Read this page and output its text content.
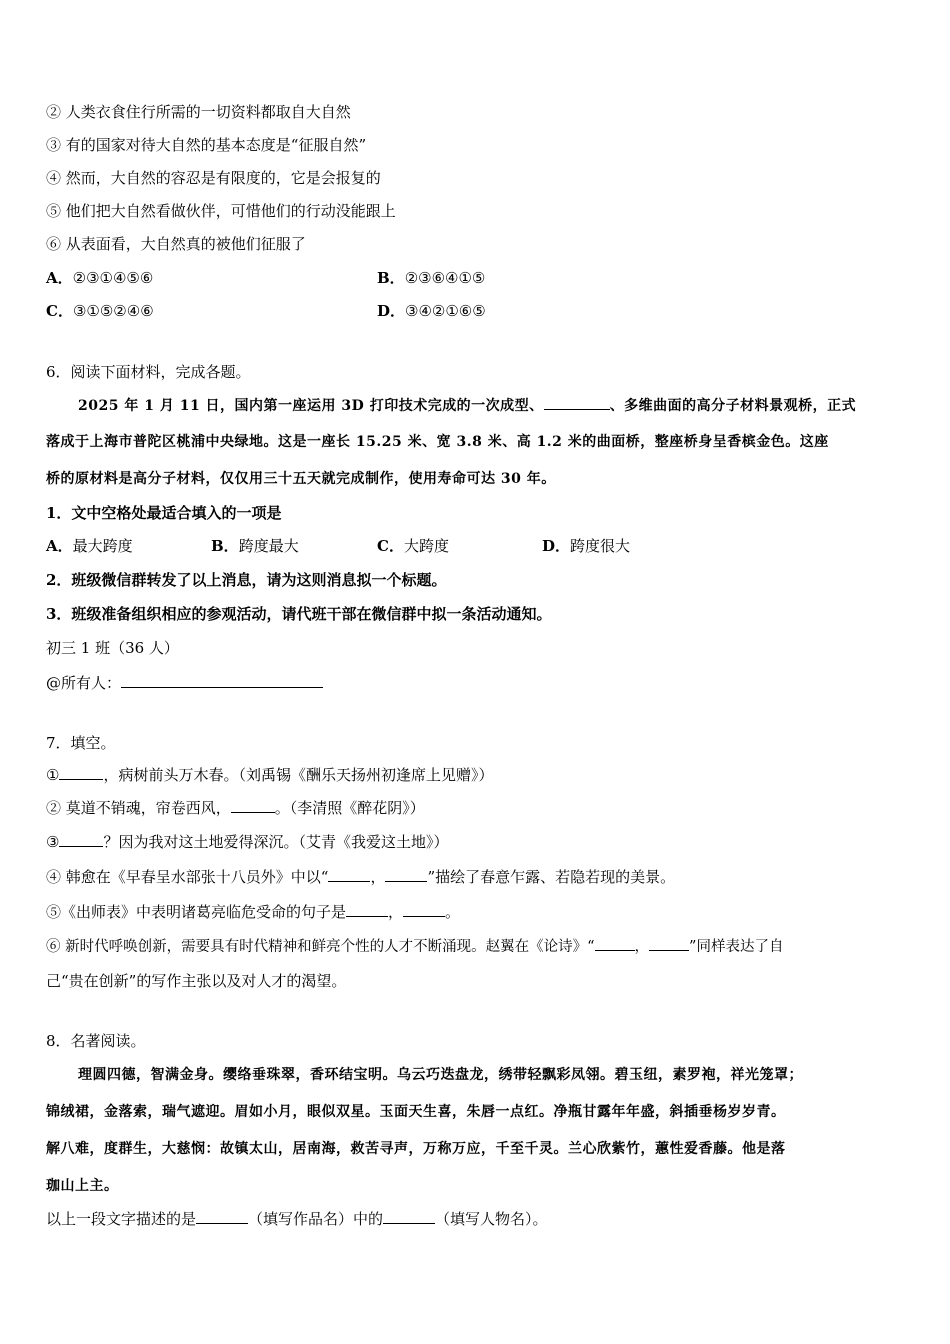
② 人类衣食住行所需的一切资料都取自大自然
③ 有的国家对待大自然的基本态度是“征服自然”
④ 然而，大自然的容忍是有限度的，它是会报复的
⑤ 他们把大自然看做伙伴，可惜他们的行动没能跟上
⑥ 从表面看，大自然真的被他们征服了
A．②③①④⑤⑥	B．②③⑥④①⑤
C．③①⑤②④⑥	D．③④②①⑥⑤
6．阅读下面材料，完成各题。
2025 年 1 月 11 日，国内第一座运用 3D 打印技术完成的一次成型、	、多维曲面的高分子材料景观桥，正式
落成于上海市普陀区桃浦中央绿地。这是一座长 15.25 米、宽 3.8 米、高 1.2 米的曲面桥，整座桥身呈香槟金色。这座
桥的原材料是高分子材料，仅仅用三十五天就完成制作，使用寿命可达 30 年。
1．文中空格处最适合填入的一项是
A．最大跨度	B．跨度最大	C．大跨度	D．跨度很大
2．班级微信群转发了以上消息，请为这则消息拟一个标题。
3．班级准备组织相应的参观活动，请代班干部在微信群中拟一条活动通知。
初三 1 班（36 人）
@所有人：
7．填空。
①	，病树前头万木春。（刘禹锡《酬乐天扬州初逢席上见赠》）
② 莫道不销魂，帘卷西风，	。（李清照《醉花阴》）
③	？因为我对这土地爱得深沉。（艾青《我爱这土地》）
④ 韩愈在《早春呈水部张十八员外》中以“	，	”描绘了春意乍露、若隐若现的美景。
⑤《出师表》中表明诸葛亮临危受命的句子是	，	。
⑥ 新时代呼唤创新，需要具有时代精神和鲜亮个性的人才不断涌现。赵翼在《论诗》“	，	”同样表达了自
己“贵在创新”的写作主张以及对人才的渴望。
8．名著阅读。
理圆四德，智满金身。缨络垂珠翠，香环结宝明。乌云巧迭盘龙，绣带轻飘彩凤翎。碧玉纽，素罗袍，祥光笼罩；
锦绒裙，金落索，瑞气遮迎。眉如小月，眼似双星。玉面天生喜，朱唇一点红。净瓶甘露年年盛，斜插垂杨岁岁青。
解八难，度群生，大慈悯：故镇太山，居南海，救苦寻声，万称万应，千至千灵。兰心欣紫竹，蕙性爱香藤。他是落
珈山上主。
以上一段文字描述的是	（填写作品名）中的	（填写人物名）。
